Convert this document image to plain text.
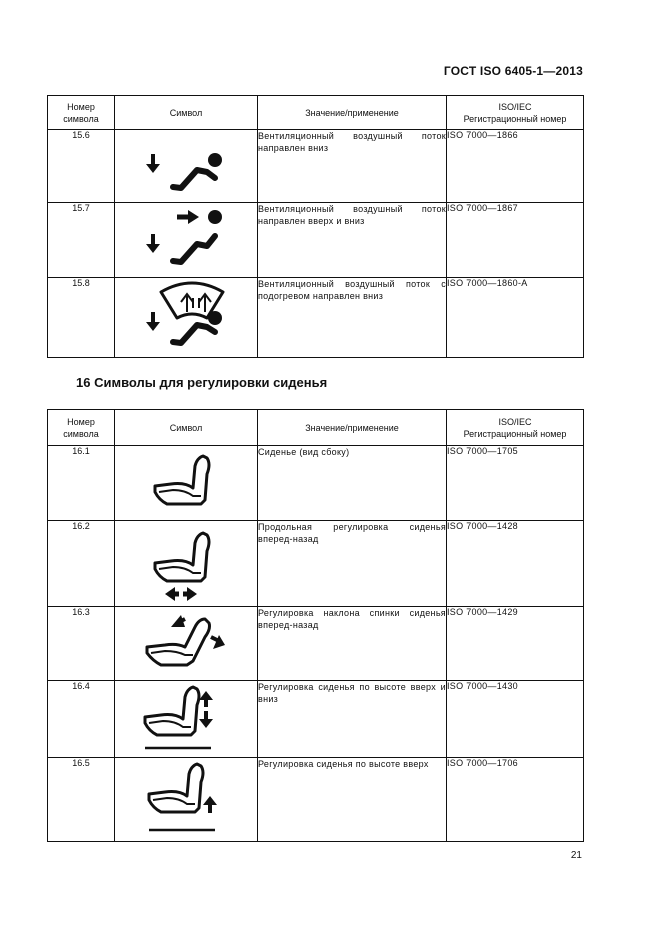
ГОСТ ISO 6405-1—2013
Номер
символа	Символ	Значение/применение	ISO/IEC
Регистрационный номер

15.6		Вентиляционный воздушный поток направлен вниз	ISO 7000—1866
15.7		Вентиляционный воздушный поток направлен вверх и вниз	ISO 7000—1867
15.8		Вентиляционный воздушный поток с подогревом направлен вниз	ISO 7000—1860-A
16 Символы для регулировки сиденья
Номер
символа	Символ	Значение/применение	ISO/IEC
Регистрационный номер

16.1		Сиденье (вид сбоку)	ISO 7000—1705
16.2		Продольная регулировка сиденья вперед-назад	ISO 7000—1428
16.3		Регулировка наклона спинки сиденья вперед-назад	ISO 7000—1429
16.4		Регулировка сиденья по высоте вверх и вниз	ISO 7000—1430
16.5		Регулировка сиденья по высоте вверх	ISO 7000—1706
21
